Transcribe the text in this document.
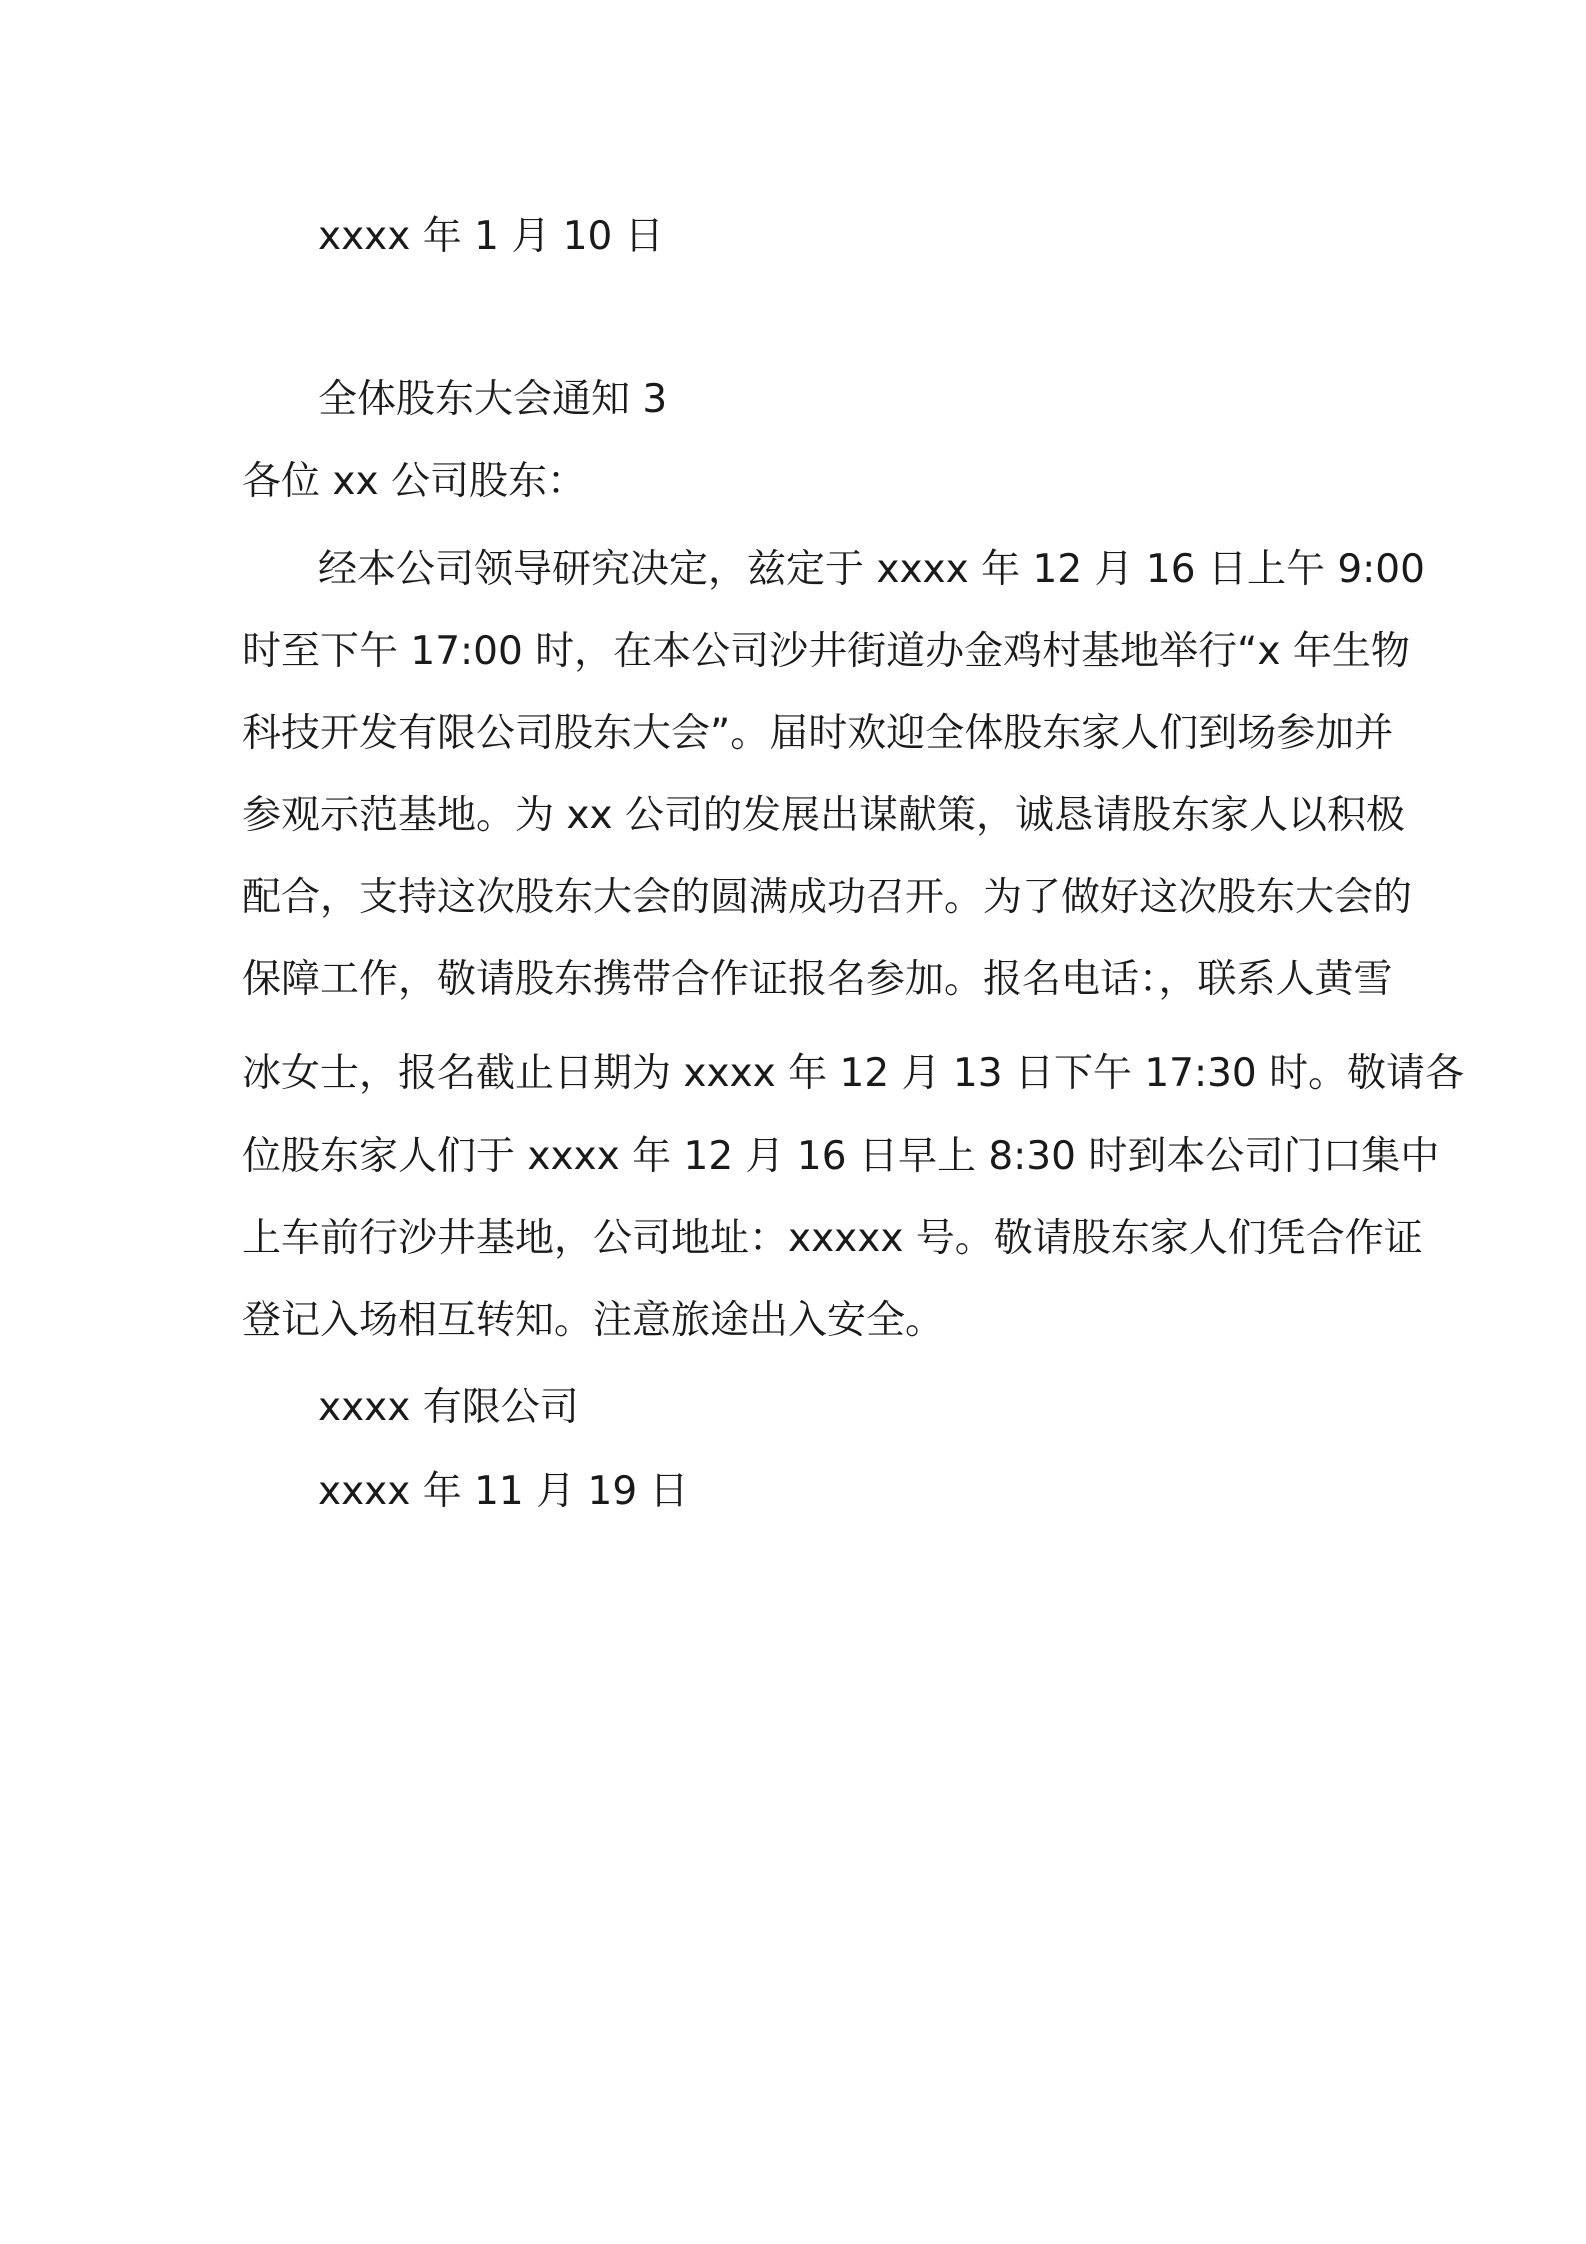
xxxx 年 1 月 10 日
全体股东大会通知 3
各位 xx 公司股东：
经本公司领导研究决定，兹定于 xxxx 年 12 月 16 日上午 9:00
时至下午 17:00 时，在本公司沙井街道办金鸡村基地举行“x 年生物
科技开发有限公司股东大会”。届时欢迎全体股东家人们到场参加并
参观示范基地。为 xx 公司的发展出谋献策，诚恳请股东家人以积极
配合，支持这次股东大会的圆满成功召开。为了做好这次股东大会的
保障工作，敬请股东携带合作证报名参加。报名电话：，联系人黄雪
冰女士，报名截止日期为 xxxx 年 12 月 13 日下午 17:30 时。敬请各
位股东家人们于 xxxx 年 12 月 16 日早上 8:30 时到本公司门口集中
上车前行沙井基地，公司地址：xxxxx 号。敬请股东家人们凭合作证
登记入场相互转知。注意旅途出入安全。
xxxx 有限公司
xxxx 年 11 月 19 日
